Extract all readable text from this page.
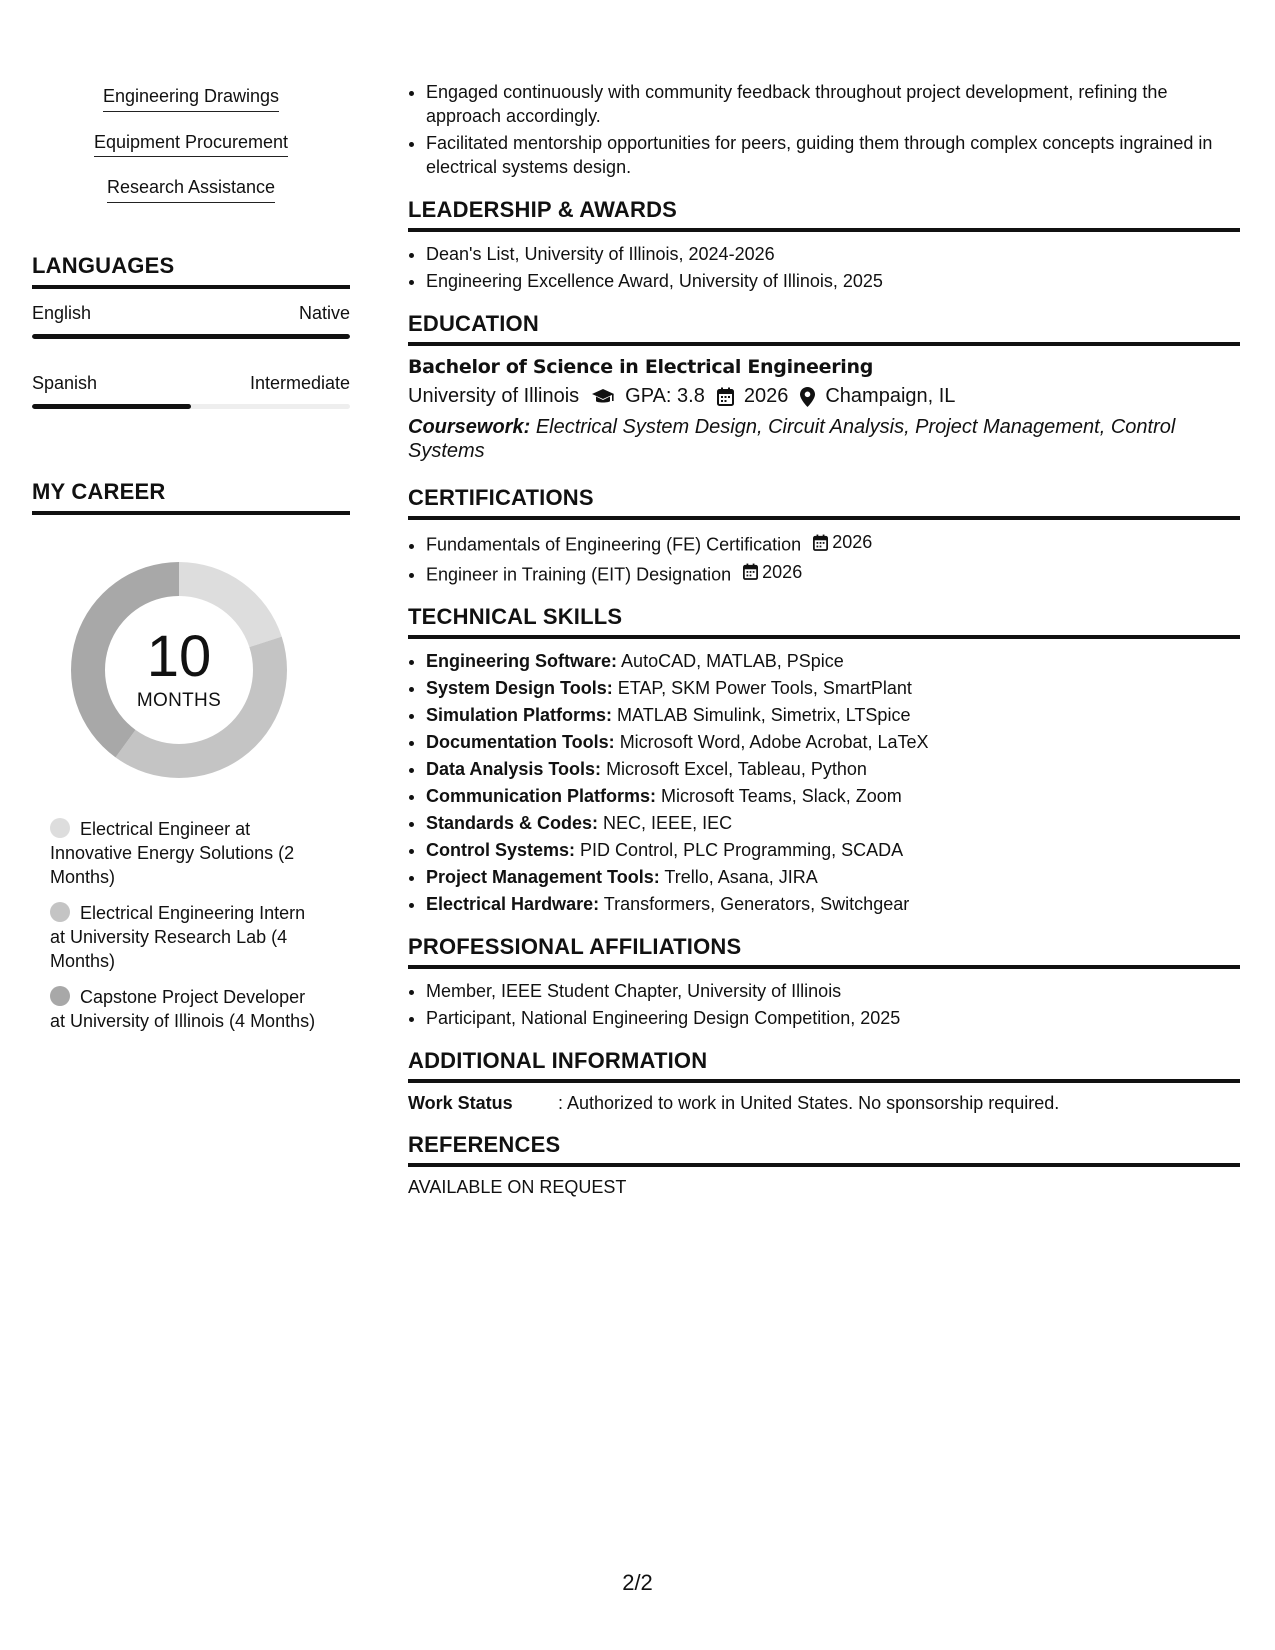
Engineering Drawings
Equipment Procurement
Research Assistance
LANGUAGES
English	Native
Spanish	Intermediate
MY CAREER
10
MONTHS
Electrical Engineer at Innovative Energy Solutions (2 Months)
Electrical Engineering Intern at University Research Lab (4 Months)
Capstone Project Developer at University of Illinois (4 Months)
• Engaged continuously with community feedback throughout project development, refining the approach accordingly.
• Facilitated mentorship opportunities for peers, guiding them through complex concepts ingrained in electrical systems design.
LEADERSHIP & AWARDS
• Dean's List, University of Illinois, 2024-2026
• Engineering Excellence Award, University of Illinois, 2025
EDUCATION
Bachelor of Science in Electrical Engineering
University of Illinois GPA: 3.8 2026 Champaign, IL
Coursework: Electrical System Design, Circuit Analysis, Project Management, Control Systems
CERTIFICATIONS
• Fundamentals of Engineering (FE) Certification 2026
• Engineer in Training (EIT) Designation 2026
TECHNICAL SKILLS
• Engineering Software: AutoCAD, MATLAB, PSpice
• System Design Tools: ETAP, SKM Power Tools, SmartPlant
• Simulation Platforms: MATLAB Simulink, Simetrix, LTSpice
• Documentation Tools: Microsoft Word, Adobe Acrobat, LaTeX
• Data Analysis Tools: Microsoft Excel, Tableau, Python
• Communication Platforms: Microsoft Teams, Slack, Zoom
• Standards & Codes: NEC, IEEE, IEC
• Control Systems: PID Control, PLC Programming, SCADA
• Project Management Tools: Trello, Asana, JIRA
• Electrical Hardware: Transformers, Generators, Switchgear
PROFESSIONAL AFFILIATIONS
• Member, IEEE Student Chapter, University of Illinois
• Participant, National Engineering Design Competition, 2025
ADDITIONAL INFORMATION
Work Status	: Authorized to work in United States. No sponsorship required.
REFERENCES
AVAILABLE ON REQUEST
2/2
